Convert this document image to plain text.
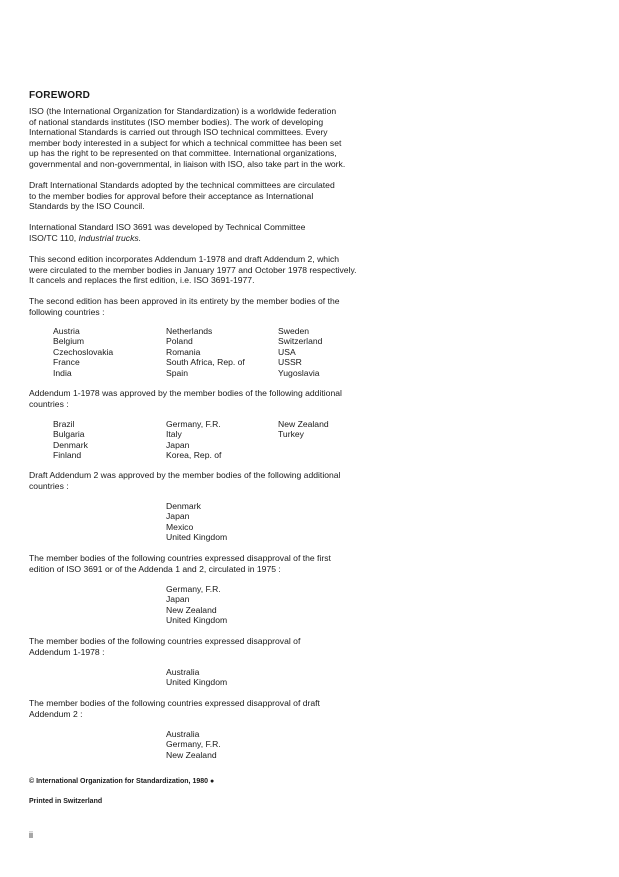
FOREWORD
ISO (the International Organization for Standardization) is a worldwide federation
of national standards institutes (ISO member bodies). The work of developing
International Standards is carried out through ISO technical committees. Every
member body interested in a subject for which a technical committee has been set
up has the right to be represented on that committee. International organizations,
governmental and non-governmental, in liaison with ISO, also take part in the work.
Draft International Standards adopted by the technical committees are circulated
to the member bodies for approval before their acceptance as International
Standards by the ISO Council.
International Standard ISO 3691 was developed by Technical Committee
ISO/TC 110, Industrial trucks.
This second edition incorporates Addendum 1-1978 and draft Addendum 2, which
were circulated to the member bodies in January 1977 and October 1978 respectively.
It cancels and replaces the first edition, i.e. ISO 3691-1977.
The second edition has been approved in its entirety by the member bodies of the
following countries :
Austria
Belgium
Czechoslovakia
France
India
Netherlands
Poland
Romania
South Africa, Rep. of
Spain
Sweden
Switzerland
USA
USSR
Yugoslavia
Addendum 1-1978 was approved by the member bodies of the following additional
countries :
Brazil
Bulgaria
Denmark
Finland
Germany, F.R.
Italy
Japan
Korea, Rep. of
New Zealand
Turkey
Draft Addendum 2 was approved by the member bodies of the following additional
countries :
Denmark
Japan
Mexico
United Kingdom
The member bodies of the following countries expressed disapproval of the first
edition of ISO 3691 or of the Addenda 1 and 2, circulated in 1975 :
Germany, F.R.
Japan
New Zealand
United Kingdom
The member bodies of the following countries expressed disapproval of
Addendum 1-1978 :
Australia
United Kingdom
The member bodies of the following countries expressed disapproval of draft
Addendum 2 :
Australia
Germany, F.R.
New Zealand
© International Organization for Standardization, 1980 ●
Printed in Switzerland
ii
